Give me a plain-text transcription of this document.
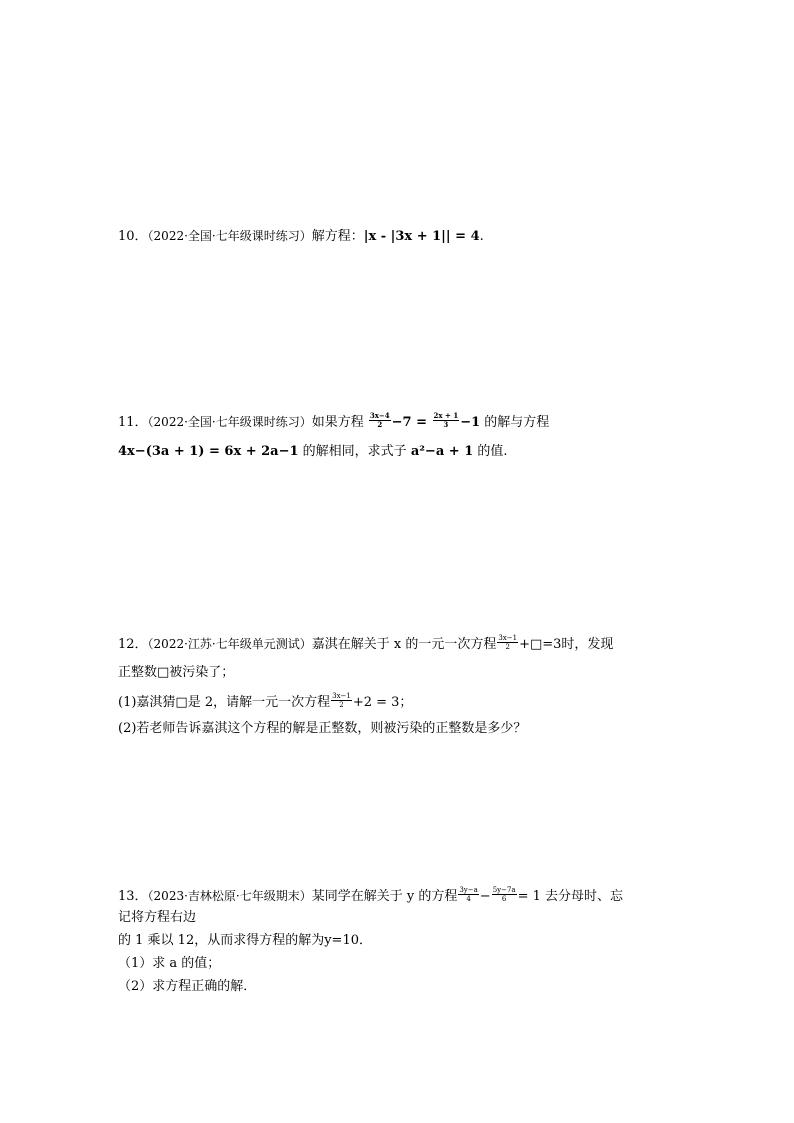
10．（2022·全国·七年级课时练习）解方程：|x - |3x + 1|| = 4.
11．（2022·全国·七年级课时练习）如果方程 $\frac{3x-4}{2} -7 = \frac{2x + 1}{3} -1$ 的解与方程
4x−(3a + 1) = 6x + 2a−1 的解相同，求式子 a²−a + 1 的值.
12．（2022·江苏·七年级单元测试）嘉淇在解关于 x 的一元一次方程 $\frac{3x-1}{2}$ +□=3时，发现
正整数□被污染了；
(1)嘉淇猜□是 2，请解一元一次方程 $\frac{3x-1}{2} +2 = 3$；
(2)若老师告诉嘉淇这个方程的解是正整数，则被污染的正整数是多少？
13．（2023·吉林松原·七年级期末）某同学在解关于 y 的方程 $\frac{3y-a}{4} - \frac{5y-7a}{6} = 1$ 去分母时、忘
记将方程右边
的 1 乘以 12，从而求得方程的解为y=10．
（1）求 a 的值；
（2）求方程正确的解．
